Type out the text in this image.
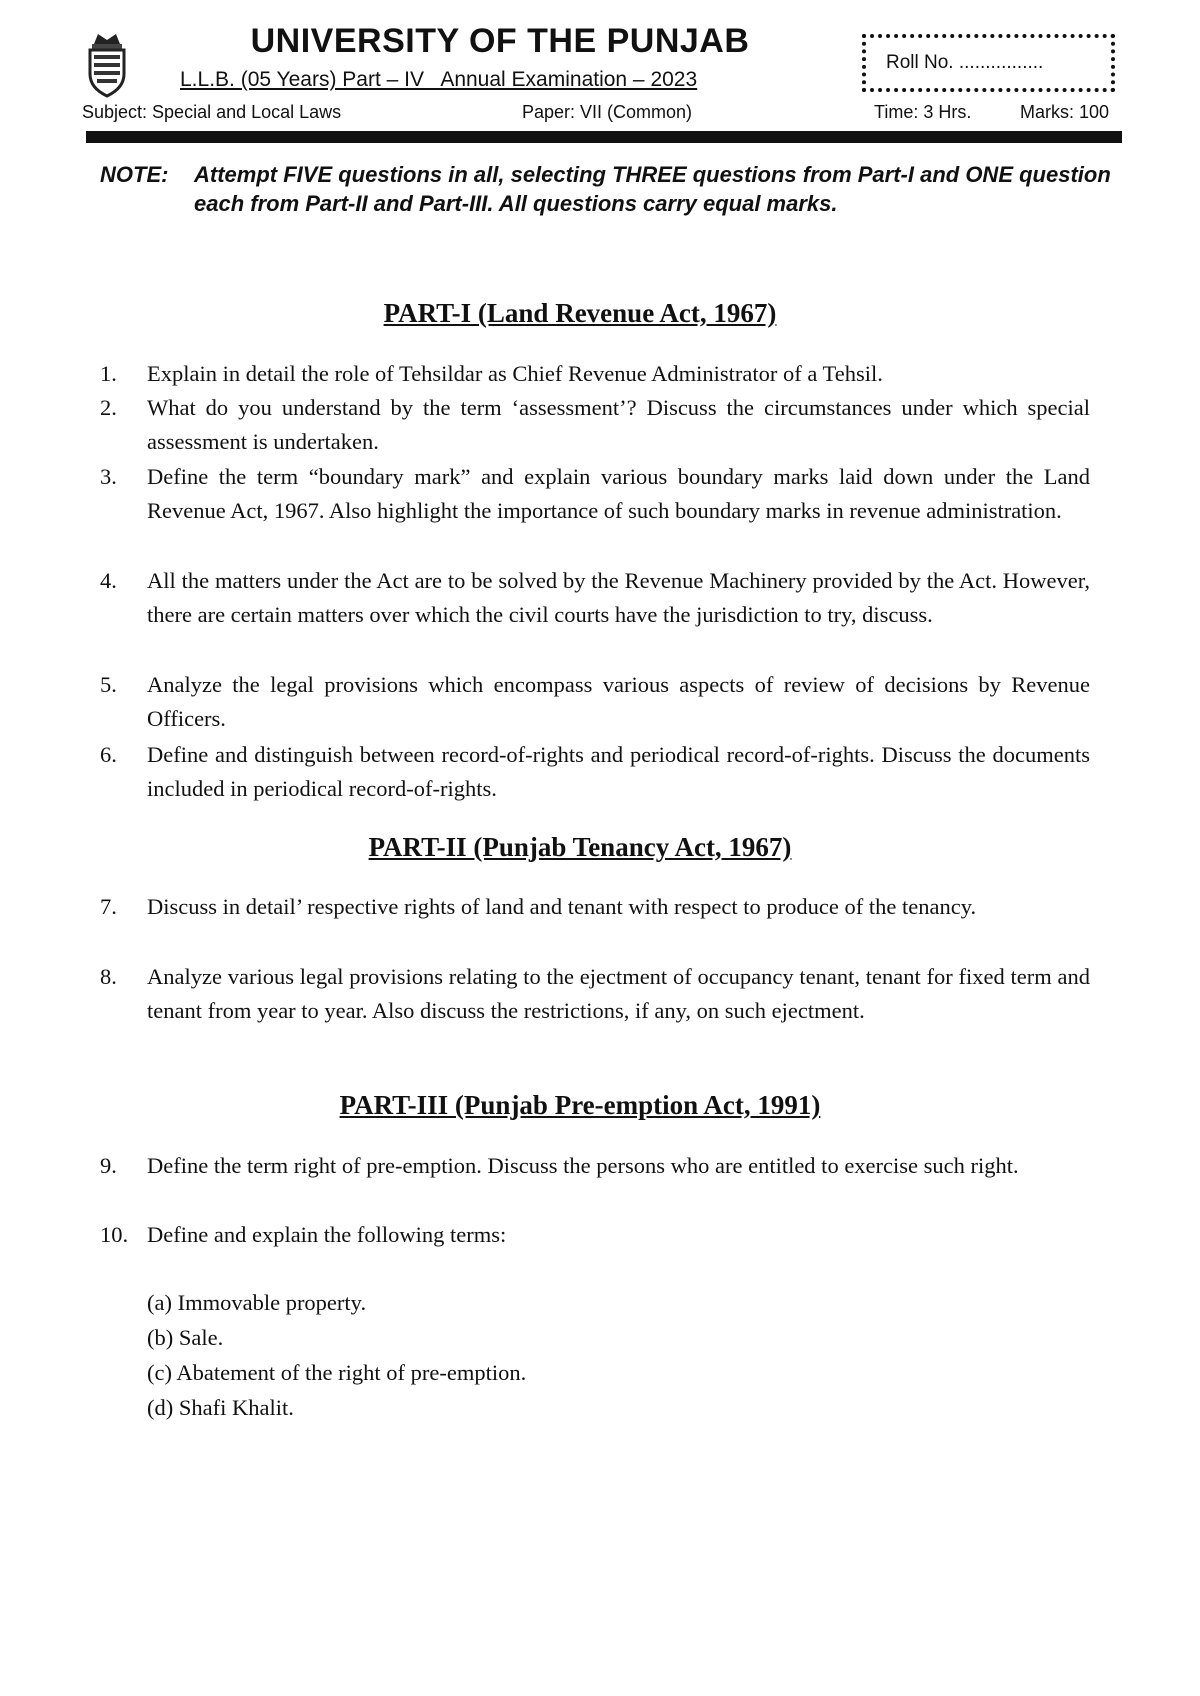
UNIVERSITY OF THE PUNJAB
L.L.B. (05 Years) Part – IV   Annual Examination – 2023
Roll No. ................
Subject: Special and Local Laws	Paper: VII (Common)	Time: 3 Hrs.	Marks: 100
NOTE:	Attempt FIVE questions in all, selecting THREE questions from Part-I and ONE question each from Part-II and Part-III. All questions carry equal marks.
PART-I (Land Revenue Act, 1967)
1.	Explain in detail the role of Tehsildar as Chief Revenue Administrator of a Tehsil.
2.	What do you understand by the term ‘assessment’? Discuss the circumstances under which special assessment is undertaken.
3.	Define the term “boundary mark” and explain various boundary marks laid down under the Land Revenue Act, 1967. Also highlight the importance of such boundary marks in revenue administration.
4.	All the matters under the Act are to be solved by the Revenue Machinery provided by the Act. However, there are certain matters over which the civil courts have the jurisdiction to try, discuss.
5.	Analyze the legal provisions which encompass various aspects of review of decisions by Revenue Officers.
6.	Define and distinguish between record-of-rights and periodical record-of-rights. Discuss the documents included in periodical record-of-rights.
PART-II (Punjab Tenancy Act, 1967)
7.	Discuss in detail’ respective rights of land and tenant with respect to produce of the tenancy.
8.	Analyze various legal provisions relating to the ejectment of occupancy tenant, tenant for fixed term and tenant from year to year. Also discuss the restrictions, if any, on such ejectment.
PART-III (Punjab Pre-emption Act, 1991)
9.	Define the term right of pre-emption. Discuss the persons who are entitled to exercise such right.
10. Define and explain the following terms:
(a) Immovable property.
(b) Sale.
(c) Abatement of the right of pre-emption.
(d) Shafi Khalit.
